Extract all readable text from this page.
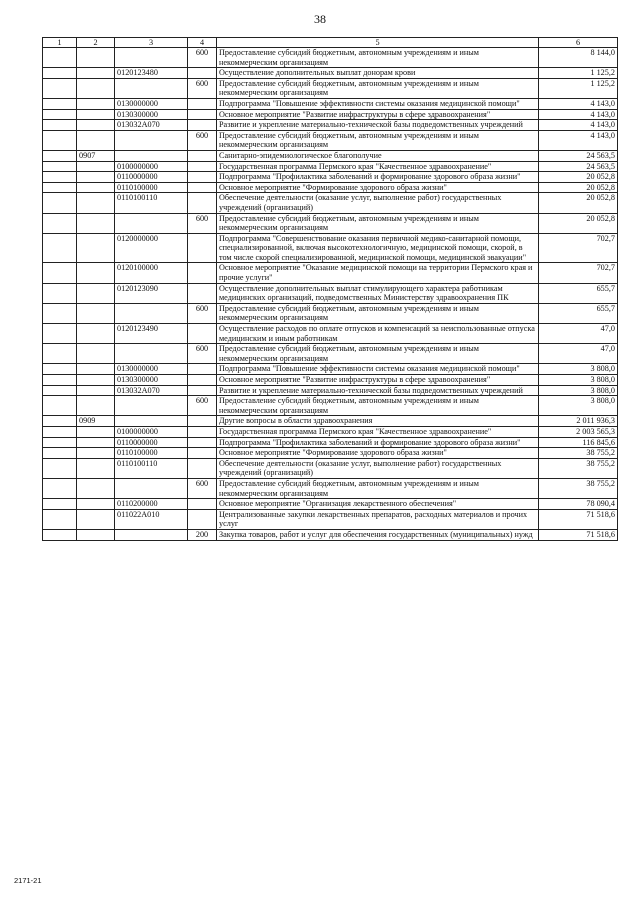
38
1	2	3	4	5	6
			600	Предоставление субсидий бюджетным, автономным учреждениям и иным некоммерческим организациям	8 144,0
		0120123480		Осуществление дополнительных выплат донорам крови	1 125,2
			600	Предоставление субсидий бюджетным, автономным учреждениям и иным некоммерческим организациям	1 125,2
		0130000000		Подпрограмма "Повышение эффективности системы оказания медицинской помощи"	4 143,0
		0130300000		Основное мероприятие "Развитие инфраструктуры в сфере здравоохранения"	4 143,0
		013032А070		Развитие и укрепление материально-технической базы подведомственных учреждений	4 143,0
			600	Предоставление субсидий бюджетным, автономным учреждениям и иным некоммерческим организациям	4 143,0
	0907			Санитарно-эпидемиологическое благополучие	24 563,5
		0100000000		Государственная программа Пермского края "Качественное здравоохранение"	24 563,5
		0110000000		Подпрограмма "Профилактика заболеваний и формирование здорового образа жизни"	20 052,8
		0110100000		Основное мероприятие "Формирование здорового образа жизни"	20 052,8
		0110100110		Обеспечение деятельности (оказание услуг, выполнение работ) государственных учреждений (организаций)	20 052,8
			600	Предоставление субсидий бюджетным, автономным учреждениям и иным некоммерческим организациям	20 052,8
		0120000000		Подпрограмма "Совершенствование оказания первичной медико-санитарной помощи, специализированной, включая высокотехнологичную, медицинской помощи, скорой, в том числе скорой специализированной, медицинской помощи, медицинской эвакуации"	702,7
		0120100000		Основное мероприятие "Оказание медицинской помощи на территории Пермского края и прочие услуги"	702,7
		0120123090		Осуществление дополнительных выплат стимулирующего характера работникам медицинских организаций, подведомственных Министерству здравоохранения ПК	655,7
			600	Предоставление субсидий бюджетным, автономным учреждениям и иным некоммерческим организациям	655,7
		0120123490		Осуществление расходов по оплате отпусков и компенсаций за неиспользованные отпуска медицинским и иным работникам	47,0
			600	Предоставление субсидий бюджетным, автономным учреждениям и иным некоммерческим организациям	47,0
		0130000000		Подпрограмма "Повышение эффективности системы оказания медицинской помощи"	3 808,0
		0130300000		Основное мероприятие "Развитие инфраструктуры в сфере здравоохранения"	3 808,0
		013032А070		Развитие и укрепление материально-технической базы подведомственных учреждений	3 808,0
			600	Предоставление субсидий бюджетным, автономным учреждениям и иным некоммерческим организациям	3 808,0
	0909			Другие вопросы в области здравоохранения	2 011 936,3
		0100000000		Государственная программа Пермского края "Качественное здравоохранение"	2 003 565,3
		0110000000		Подпрограмма "Профилактика заболеваний и формирование здорового образа жизни"	116 845,6
		0110100000		Основное мероприятие "Формирование здорового образа жизни"	38 755,2
		0110100110		Обеспечение деятельности (оказание услуг, выполнение работ) государственных учреждений (организаций)	38 755,2
			600	Предоставление субсидий бюджетным, автономным учреждениям и иным некоммерческим организациям	38 755,2
		0110200000		Основное мероприятие "Организация лекарственного обеспечения"	78 090,4
		011022А010		Централизованные закупки лекарственных препаратов, расходных материалов и прочих услуг	71 518,6
			200	Закупка товаров, работ и услуг для обеспечения государственных (муниципальных) нужд	71 518,6
2171-21
